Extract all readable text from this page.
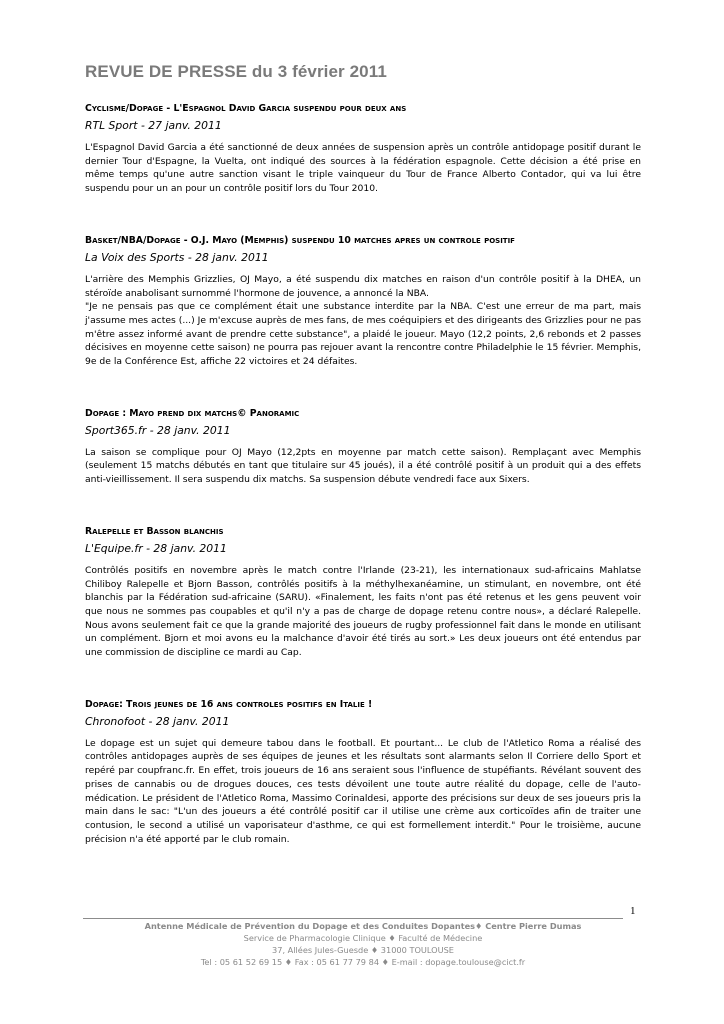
REVUE DE PRESSE du 3 février 2011

Cyclisme/Dopage - L'Espagnol David Garcia suspendu pour deux ans

RTL Sport - 27 janv. 2011

L'Espagnol David Garcia a été sanctionné de deux années de suspension après un contrôle antidopage positif durant le dernier Tour d'Espagne, la Vuelta, ont indiqué des sources à la fédération espagnole. Cette décision a été prise en même temps qu'une autre sanction visant le triple vainqueur du Tour de France Alberto Contador, qui va lui être suspendu pour un an pour un contrôle positif lors du Tour 2010.

Basket/NBA/Dopage - O.J. Mayo (Memphis) suspendu 10 matches apres un controle positif

La Voix des Sports - 28 janv. 2011

L'arrière des Memphis Grizzlies, OJ Mayo, a été suspendu dix matches en raison d'un contrôle positif à la DHEA, un stéroïde anabolisant surnommé l'hormone de jouvence, a annoncé la NBA.

"Je ne pensais pas que ce complément était une substance interdite par la NBA. C'est une erreur de ma part, mais j'assume mes actes (...) Je m'excuse auprès de mes fans, de mes coéquipiers et des dirigeants des Grizzlies pour ne pas m'être assez informé avant de prendre cette substance", a plaidé le joueur. Mayo (12,2 points, 2,6 rebonds et 2 passes décisives en moyenne cette saison) ne pourra pas rejouer avant la rencontre contre Philadelphie le 15 février. Memphis, 9e de la Conférence Est, affiche 22 victoires et 24 défaites.

Dopage : Mayo prend dix matchs© Panoramic

Sport365.fr - 28 janv. 2011

La saison se complique pour OJ Mayo (12,2pts en moyenne par match cette saison). Remplaçant avec Memphis (seulement 15 matchs débutés en tant que titulaire sur 45 joués), il a été contrôlé positif à un produit qui a des effets anti-vieillissement. Il sera suspendu dix matchs. Sa suspension débute vendredi face aux Sixers.

Ralepelle et Basson blanchis

L'Equipe.fr - 28 janv. 2011

Contrôlés positifs en novembre après le match contre l'Irlande (23-21), les internationaux sud-africains Mahlatse Chiliboy Ralepelle et Bjorn Basson, contrôlés positifs à la méthylhexanéamine, un stimulant, en novembre, ont été blanchis par la Fédération sud-africaine (SARU). «Finalement, les faits n'ont pas été retenus et les gens peuvent voir que nous ne sommes pas coupables et qu'il n'y a pas de charge de dopage retenu contre nous», a déclaré Ralepelle. Nous avons seulement fait ce que la grande majorité des joueurs de rugby professionnel fait dans le monde en utilisant un complément. Bjorn et moi avons eu la malchance d'avoir été tirés au sort.» Les deux joueurs ont été entendus par une commission de discipline ce mardi au Cap.

Dopage: Trois jeunes de 16 ans controles positifs en Italie !

Chronofoot - 28 janv. 2011

Le dopage est un sujet qui demeure tabou dans le football. Et pourtant... Le club de l'Atletico Roma a réalisé des contrôles antidopages auprès de ses équipes de jeunes et les résultats sont alarmants selon Il Corriere dello Sport et repéré par coupfranc.fr. En effet, trois joueurs de 16 ans seraient sous l'influence de stupéfiants. Révélant souvent des prises de cannabis ou de drogues douces, ces tests dévoilent une toute autre réalité du dopage, celle de l'auto-médication. Le président de l'Atletico Roma, Massimo Corinaldesi, apporte des précisions sur deux de ses joueurs pris la main dans le sac: "L'un des joueurs a été contrôlé positif car il utilise une crème aux corticoïdes afin de traiter une contusion, le second a utilisé un vaporisateur d'asthme, ce qui est formellement interdit." Pour le troisième, aucune précision n'a été apporté par le club romain.

1
Antenne Médicale de Prévention du Dopage et des Conduites Dopantes♦ Centre Pierre Dumas
Service de Pharmacologie Clinique ♦ Faculté de Médecine
37, Allées Jules-Guesde ♦ 31000 TOULOUSE
Tel : 05 61 52 69 15 ♦ Fax : 05 61 77 79 84 ♦ E-mail : dopage.toulouse@cict.fr
